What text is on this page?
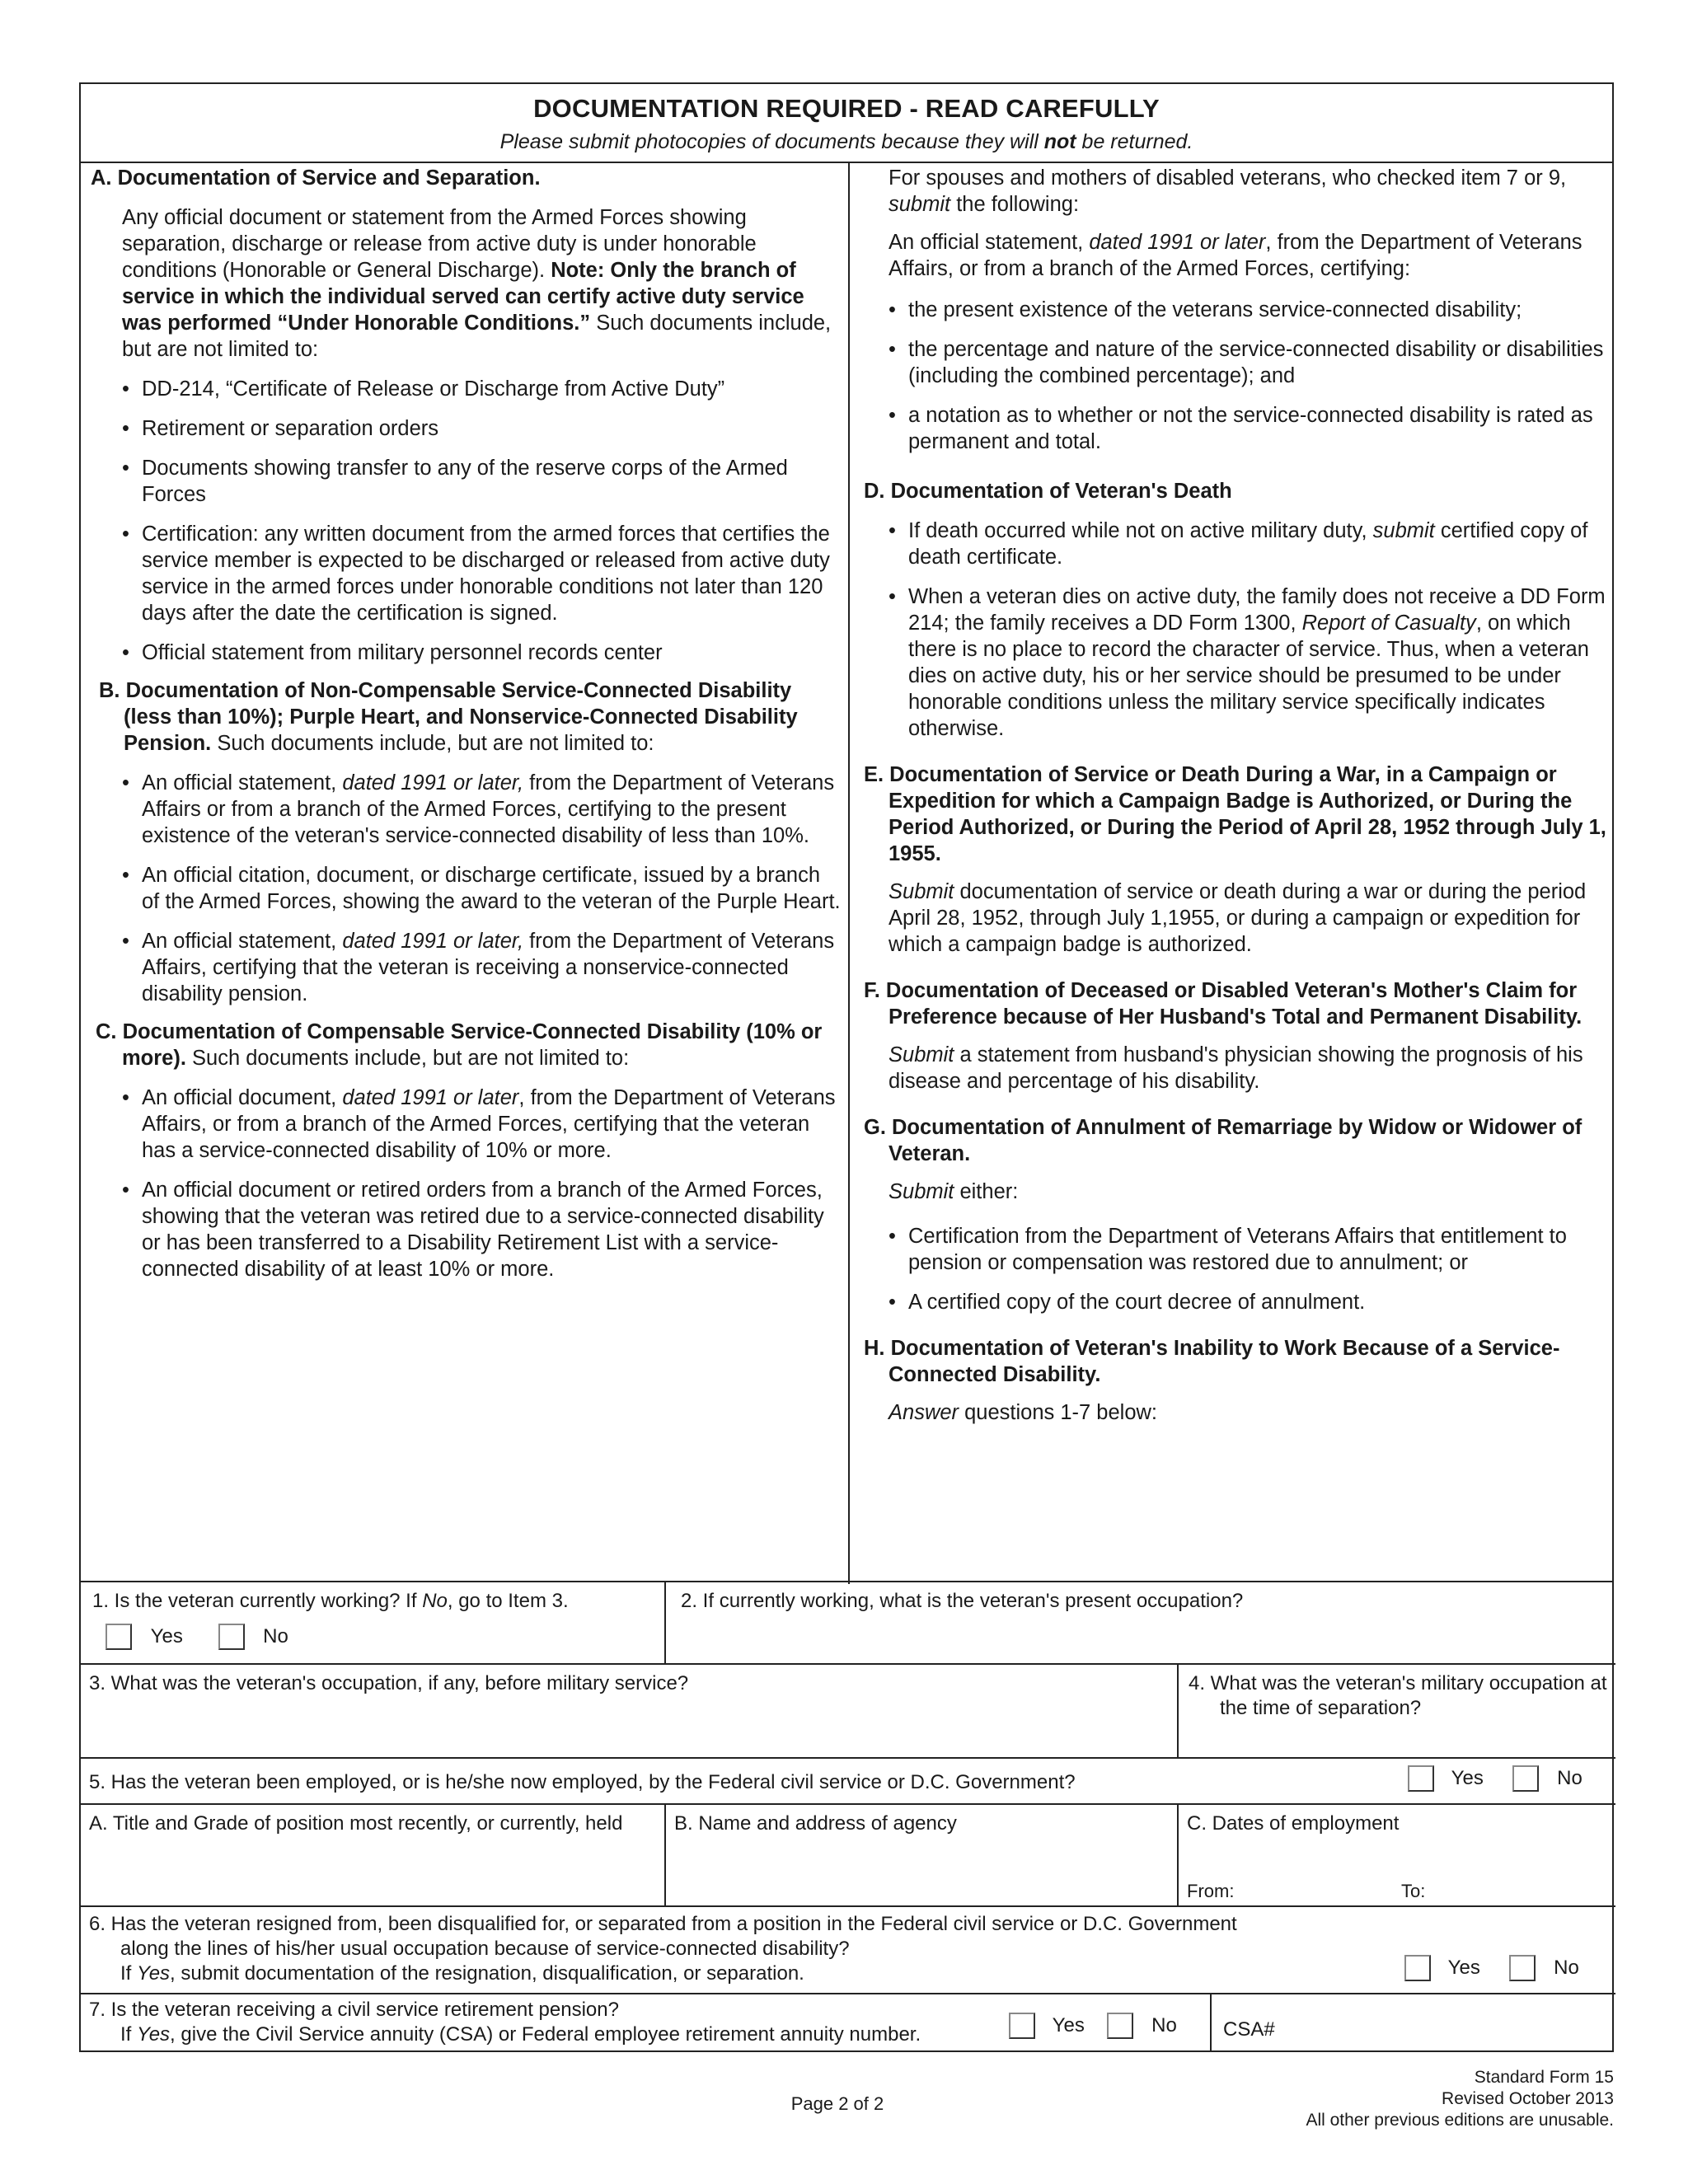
DOCUMENTATION REQUIRED - READ CAREFULLY
Please submit photocopies of documents because they will not be returned.
A. Documentation of Service and Separation.
Any official document or statement from the Armed Forces showing separation, discharge or release from active duty is under honorable conditions (Honorable or General Discharge). Note: Only the branch of service in which the individual served can certify active duty service was performed “Under Honorable Conditions.” Such documents include, but are not limited to:
• DD-214, “Certificate of Release or Discharge from Active Duty”
• Retirement or separation orders
• Documents showing transfer to any of the reserve corps of the Armed Forces
• Certification: any written document from the armed forces that certifies the service member is expected to be discharged or released from active duty service in the armed forces under honorable conditions not later than 120 days after the date the certification is signed.
• Official statement from military personnel records center
B. Documentation of Non-Compensable Service-Connected Disability (less than 10%); Purple Heart, and Nonservice-Connected Disability Pension. Such documents include, but are not limited to:
• An official statement, dated 1991 or later, from the Department of Veterans Affairs or from a branch of the Armed Forces, certifying to the present existence of the veteran's service-connected disability of less than 10%.
• An official citation, document, or discharge certificate, issued by a branch of the Armed Forces, showing the award to the veteran of the Purple Heart.
• An official statement, dated 1991 or later, from the Department of Veterans Affairs, certifying that the veteran is receiving a nonservice-connected disability pension.
C. Documentation of Compensable Service-Connected Disability (10% or more). Such documents include, but are not limited to:
• An official document, dated 1991 or later, from the Department of Veterans Affairs, or from a branch of the Armed Forces, certifying that the veteran has a service-connected disability of 10% or more.
• An official document or retired orders from a branch of the Armed Forces, showing that the veteran was retired due to a service-connected disability or has been transferred to a Disability Retirement List with a service-connected disability of at least 10% or more.
For spouses and mothers of disabled veterans, who checked item 7 or 9, submit the following:
An official statement, dated 1991 or later, from the Department of Veterans Affairs, or from a branch of the Armed Forces, certifying:
• the present existence of the veterans service-connected disability;
• the percentage and nature of the service-connected disability or disabilities (including the combined percentage); and
• a notation as to whether or not the service-connected disability is rated as permanent and total.
D. Documentation of Veteran's Death
• If death occurred while not on active military duty, submit certified copy of death certificate.
• When a veteran dies on active duty, the family does not receive a DD Form 214; the family receives a DD Form 1300, Report of Casualty, on which there is no place to record the character of service. Thus, when a veteran dies on active duty, his or her service should be presumed to be under honorable conditions unless the military service specifically indicates otherwise.
E. Documentation of Service or Death During a War, in a Campaign or Expedition for which a Campaign Badge is Authorized, or During the Period Authorized, or During the Period of April 28, 1952 through July 1, 1955.
Submit documentation of service or death during a war or during the period April 28, 1952, through July 1,1955, or during a campaign or expedition for which a campaign badge is authorized.
F. Documentation of Deceased or Disabled Veteran's Mother's Claim for Preference because of Her Husband's Total and Permanent Disability.
Submit a statement from husband's physician showing the prognosis of his disease and percentage of his disability.
G. Documentation of Annulment of Remarriage by Widow or Widower of Veteran.
Submit either:
• Certification from the Department of Veterans Affairs that entitlement to pension or compensation was restored due to annulment; or
• A certified copy of the court decree of annulment.
H. Documentation of Veteran's Inability to Work Because of a Service-Connected Disability.
Answer questions 1-7 below:
1. Is the veteran currently working? If No, go to Item 3.
Yes	No
2. If currently working, what is the veteran's present occupation?
3. What was the veteran's occupation, if any, before military service?	4. What was the veteran's military occupation at the time of separation?
5. Has the veteran been employed, or is he/she now employed, by the Federal civil service or D.C. Government?	Yes	No
A. Title and Grade of position most recently, or currently, held	B. Name and address of agency	C. Dates of employment
From:	To:
6. Has the veteran resigned from, been disqualified for, or separated from a position in the Federal civil service or D.C. Government
along the lines of his/her usual occupation because of service-connected disability?
If Yes, submit documentation of the resignation, disqualification, or separation.	Yes	No
7. Is the veteran receiving a civil service retirement pension?
If Yes, give the Civil Service annuity (CSA) or Federal employee retirement annuity number.	Yes	No	CSA#
Page 2 of 2
Standard Form 15
Revised October 2013
All other previous editions are unusable.
